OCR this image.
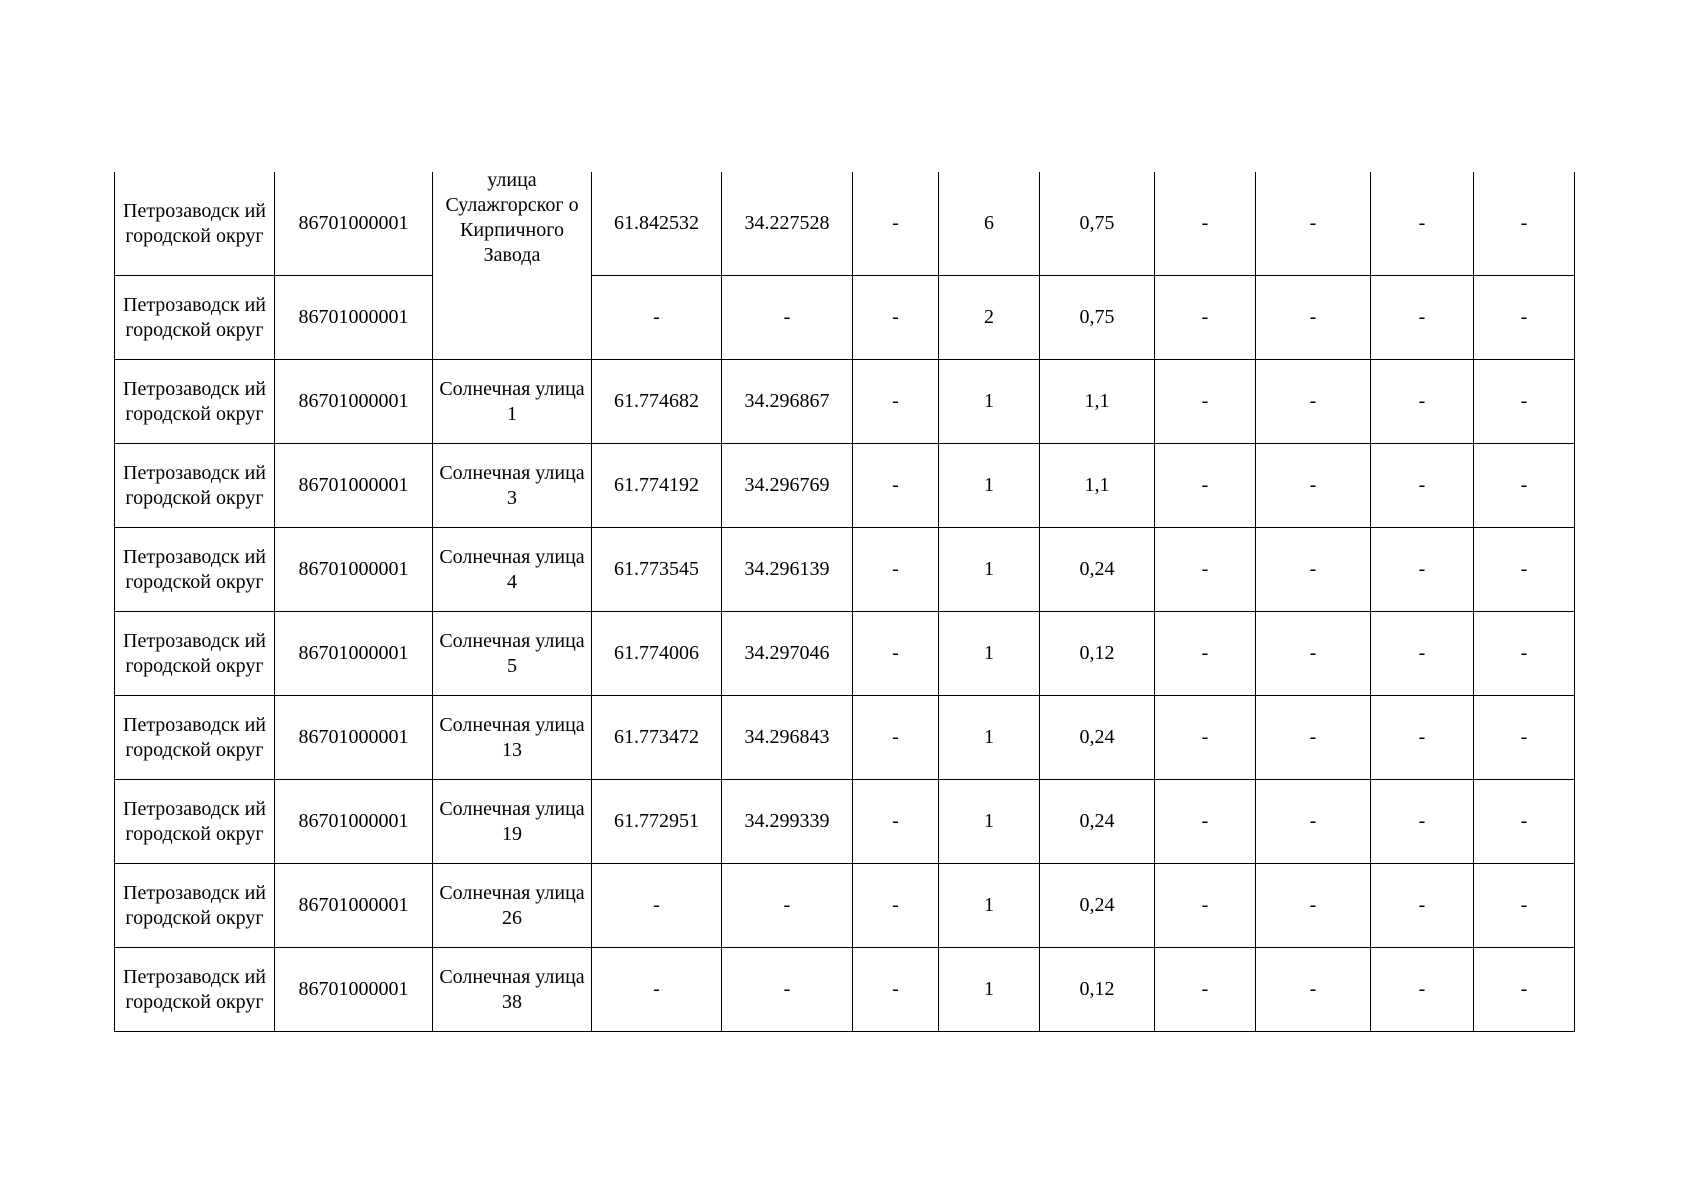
Петрозаводск ий городской округ	86701000001	улица Сулажгорског о Кирпичного Завода	61.842532	34.227528	-	6	0,75	-	-	-	-
Петрозаводск ий городской округ	86701000001		-	-	-	2	0,75	-	-	-	-
Петрозаводск ий городской округ	86701000001	Солнечная улица 1	61.774682	34.296867	-	1	1,1	-	-	-	-
Петрозаводск ий городской округ	86701000001	Солнечная улица 3	61.774192	34.296769	-	1	1,1	-	-	-	-
Петрозаводск ий городской округ	86701000001	Солнечная улица 4	61.773545	34.296139	-	1	0,24	-	-	-	-
Петрозаводск ий городской округ	86701000001	Солнечная улица 5	61.774006	34.297046	-	1	0,12	-	-	-	-
Петрозаводск ий городской округ	86701000001	Солнечная улица 13	61.773472	34.296843	-	1	0,24	-	-	-	-
Петрозаводск ий городской округ	86701000001	Солнечная улица 19	61.772951	34.299339	-	1	0,24	-	-	-	-
Петрозаводск ий городской округ	86701000001	Солнечная улица 26	-	-	-	1	0,24	-	-	-	-
Петрозаводск ий городской округ	86701000001	Солнечная улица 38	-	-	-	1	0,12	-	-	-	-
